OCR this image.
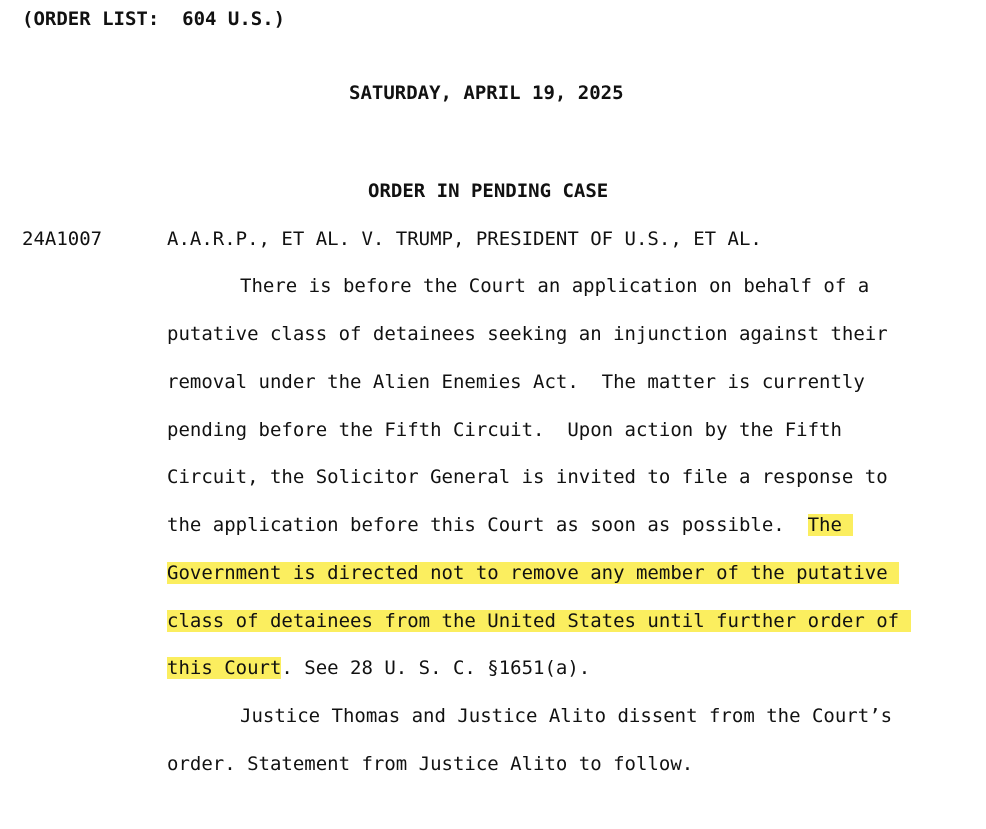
(ORDER LIST:  604 U.S.)
SATURDAY, APRIL 19, 2025
ORDER IN PENDING CASE
24A1007	A.A.R.P., ET AL. V. TRUMP, PRESIDENT OF U.S., ET AL.
There is before the Court an application on behalf of a
putative class of detainees seeking an injunction against their
removal under the Alien Enemies Act.  The matter is currently
pending before the Fifth Circuit.  Upon action by the Fifth
Circuit, the Solicitor General is invited to file a response to
the application before this Court as soon as possible.  The
Government is directed not to remove any member of the putative
class of detainees from the United States until further order of
this Court. See 28 U. S. C. §1651(a).
Justice Thomas and Justice Alito dissent from the Court’s
order. Statement from Justice Alito to follow.
